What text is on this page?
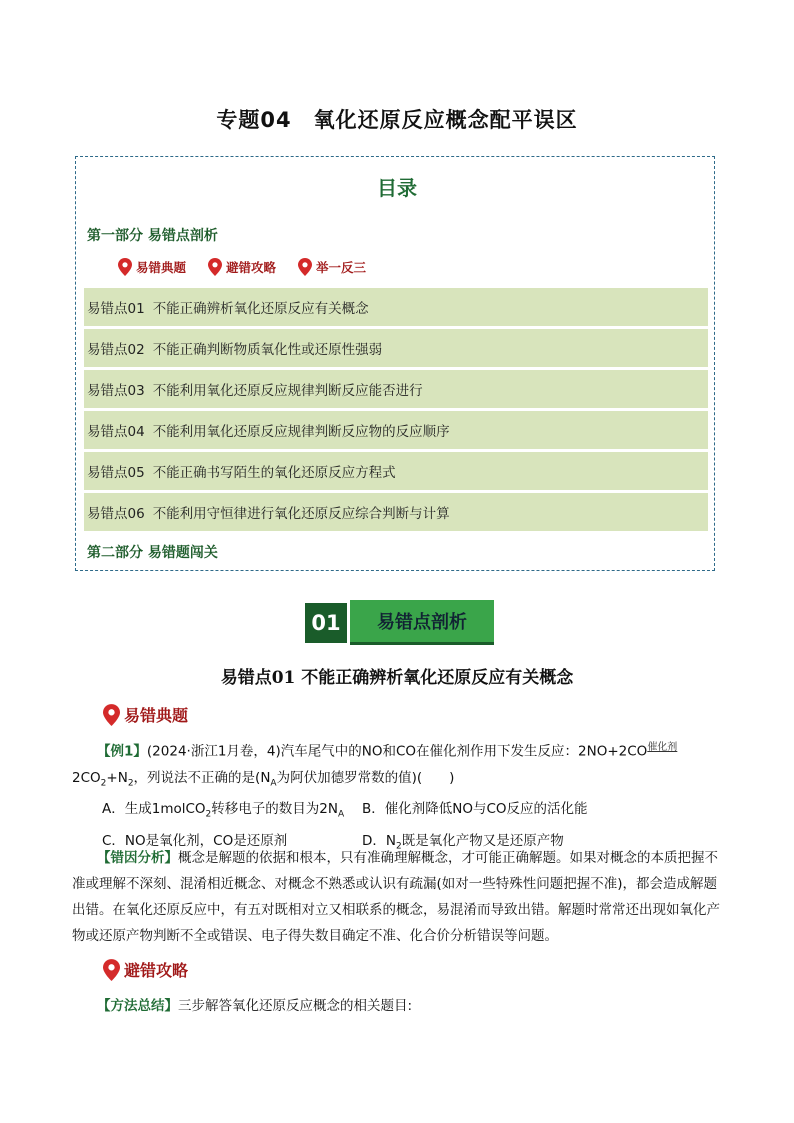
专题04　氧化还原反应概念配平误区
目录
第一部分 易错点剖析
易错典题	避错攻略	举一反三
易错点01 不能正确辨析氧化还原反应有关概念
易错点02 不能正确判断物质氧化性或还原性强弱
易错点03 不能利用氧化还原反应规律判断反应能否进行
易错点04 不能利用氧化还原反应规律判断反应物的反应顺序
易错点05 不能正确书写陌生的氧化还原反应方程式
易错点06 不能利用守恒律进行氧化还原反应综合判断与计算
第二部分 易错题闯关
01	易错点剖析
易错点01 不能正确辨析氧化还原反应有关概念
易错典题
【例1】(2024·浙江1月卷，4)汽车尾气中的NO和CO在催化剂作用下发生反应：$2NO+2CO^{催化剂}$
$2CO_2+N_2$，列说法不正确的是($N_A$为阿伏加德罗常数的值)(　　)
A．生成1molCO$_2$转移电子的数目为$2N_A$	B．催化剂降低NO与CO反应的活化能
C．NO是氧化剂，CO是还原剂	D．$N_2$既是氧化产物又是还原产物
【错因分析】概念是解题的依据和根本，只有准确理解概念，才可能正确解题。如果对概念的本质把握不准或理解不深刻、混淆相近概念、对概念不熟悉或认识有疏漏(如对一些特殊性问题把握不准)，都会造成解题出错。在氧化还原反应中，有五对既相对立又相联系的概念，易混淆而导致出错。解题时常常还出现如氧化产物或还原产物判断不全或错误、电子得失数目确定不准、化合价分析错误等问题。
避错攻略
【方法总结】三步解答氧化还原反应概念的相关题目:
